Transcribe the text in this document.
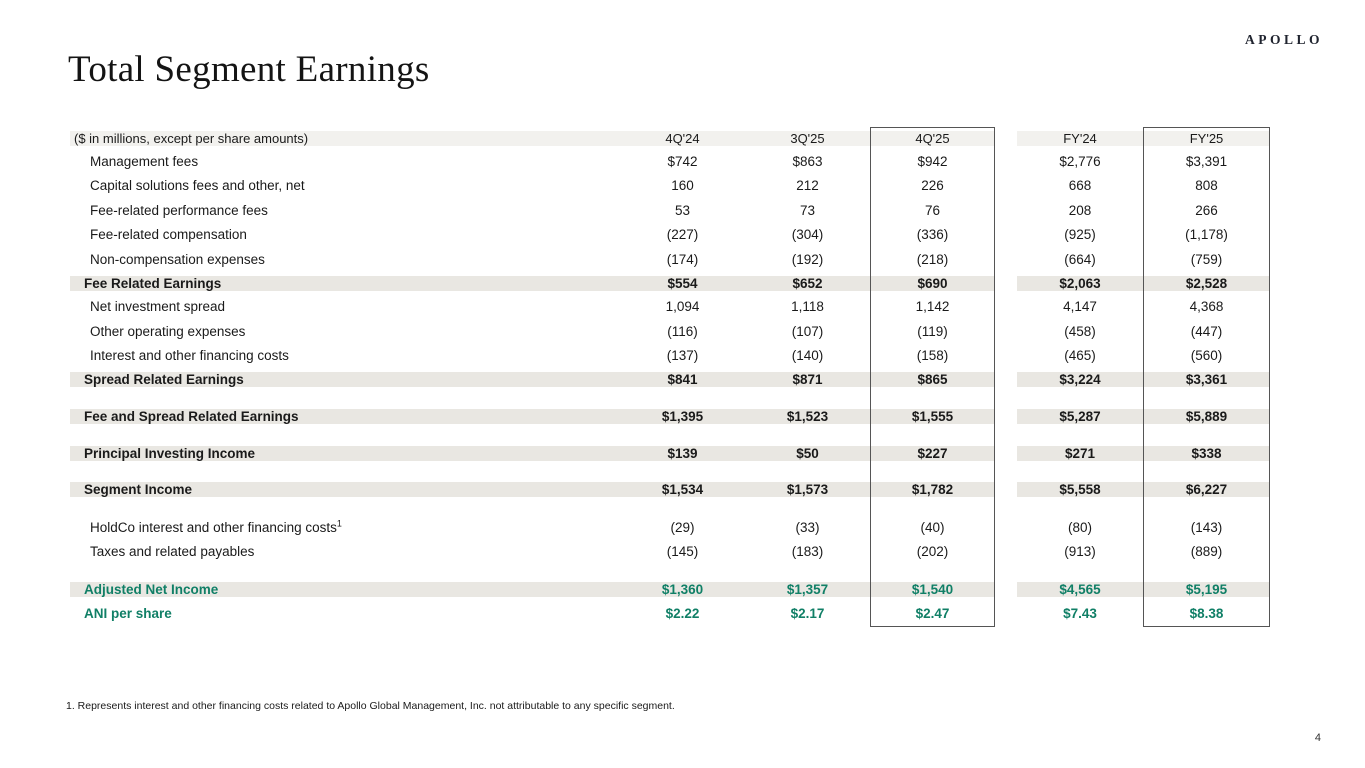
APOLLO
Total Segment Earnings
($ in millions, except per share amounts)	4Q'24	3Q'25	4Q'25	FY'24	FY'25
Management fees	$742	$863	$942	$2,776	$3,391
Capital solutions fees and other, net	160	212	226	668	808
Fee-related performance fees	53	73	76	208	266
Fee-related compensation	(227)	(304)	(336)	(925)	(1,178)
Non-compensation expenses	(174)	(192)	(218)	(664)	(759)
Fee Related Earnings	$554	$652	$690	$2,063	$2,528
Net investment spread	1,094	1,118	1,142	4,147	4,368
Other operating expenses	(116)	(107)	(119)	(458)	(447)
Interest and other financing costs	(137)	(140)	(158)	(465)	(560)
Spread Related Earnings	$841	$871	$865	$3,224	$3,361
Fee and Spread Related Earnings	$1,395	$1,523	$1,555	$5,287	$5,889
Principal Investing Income	$139	$50	$227	$271	$338
Segment Income	$1,534	$1,573	$1,782	$5,558	$6,227
HoldCo interest and other financing costs$^1$	(29)	(33)	(40)	(80)	(143)
Taxes and related payables	(145)	(183)	(202)	(913)	(889)
Adjusted Net Income	$1,360	$1,357	$1,540	$4,565	$5,195
ANI per share	$2.22	$2.17	$2.47	$7.43	$8.38
1. Represents interest and other financing costs related to Apollo Global Management, Inc. not attributable to any specific segment.
4
